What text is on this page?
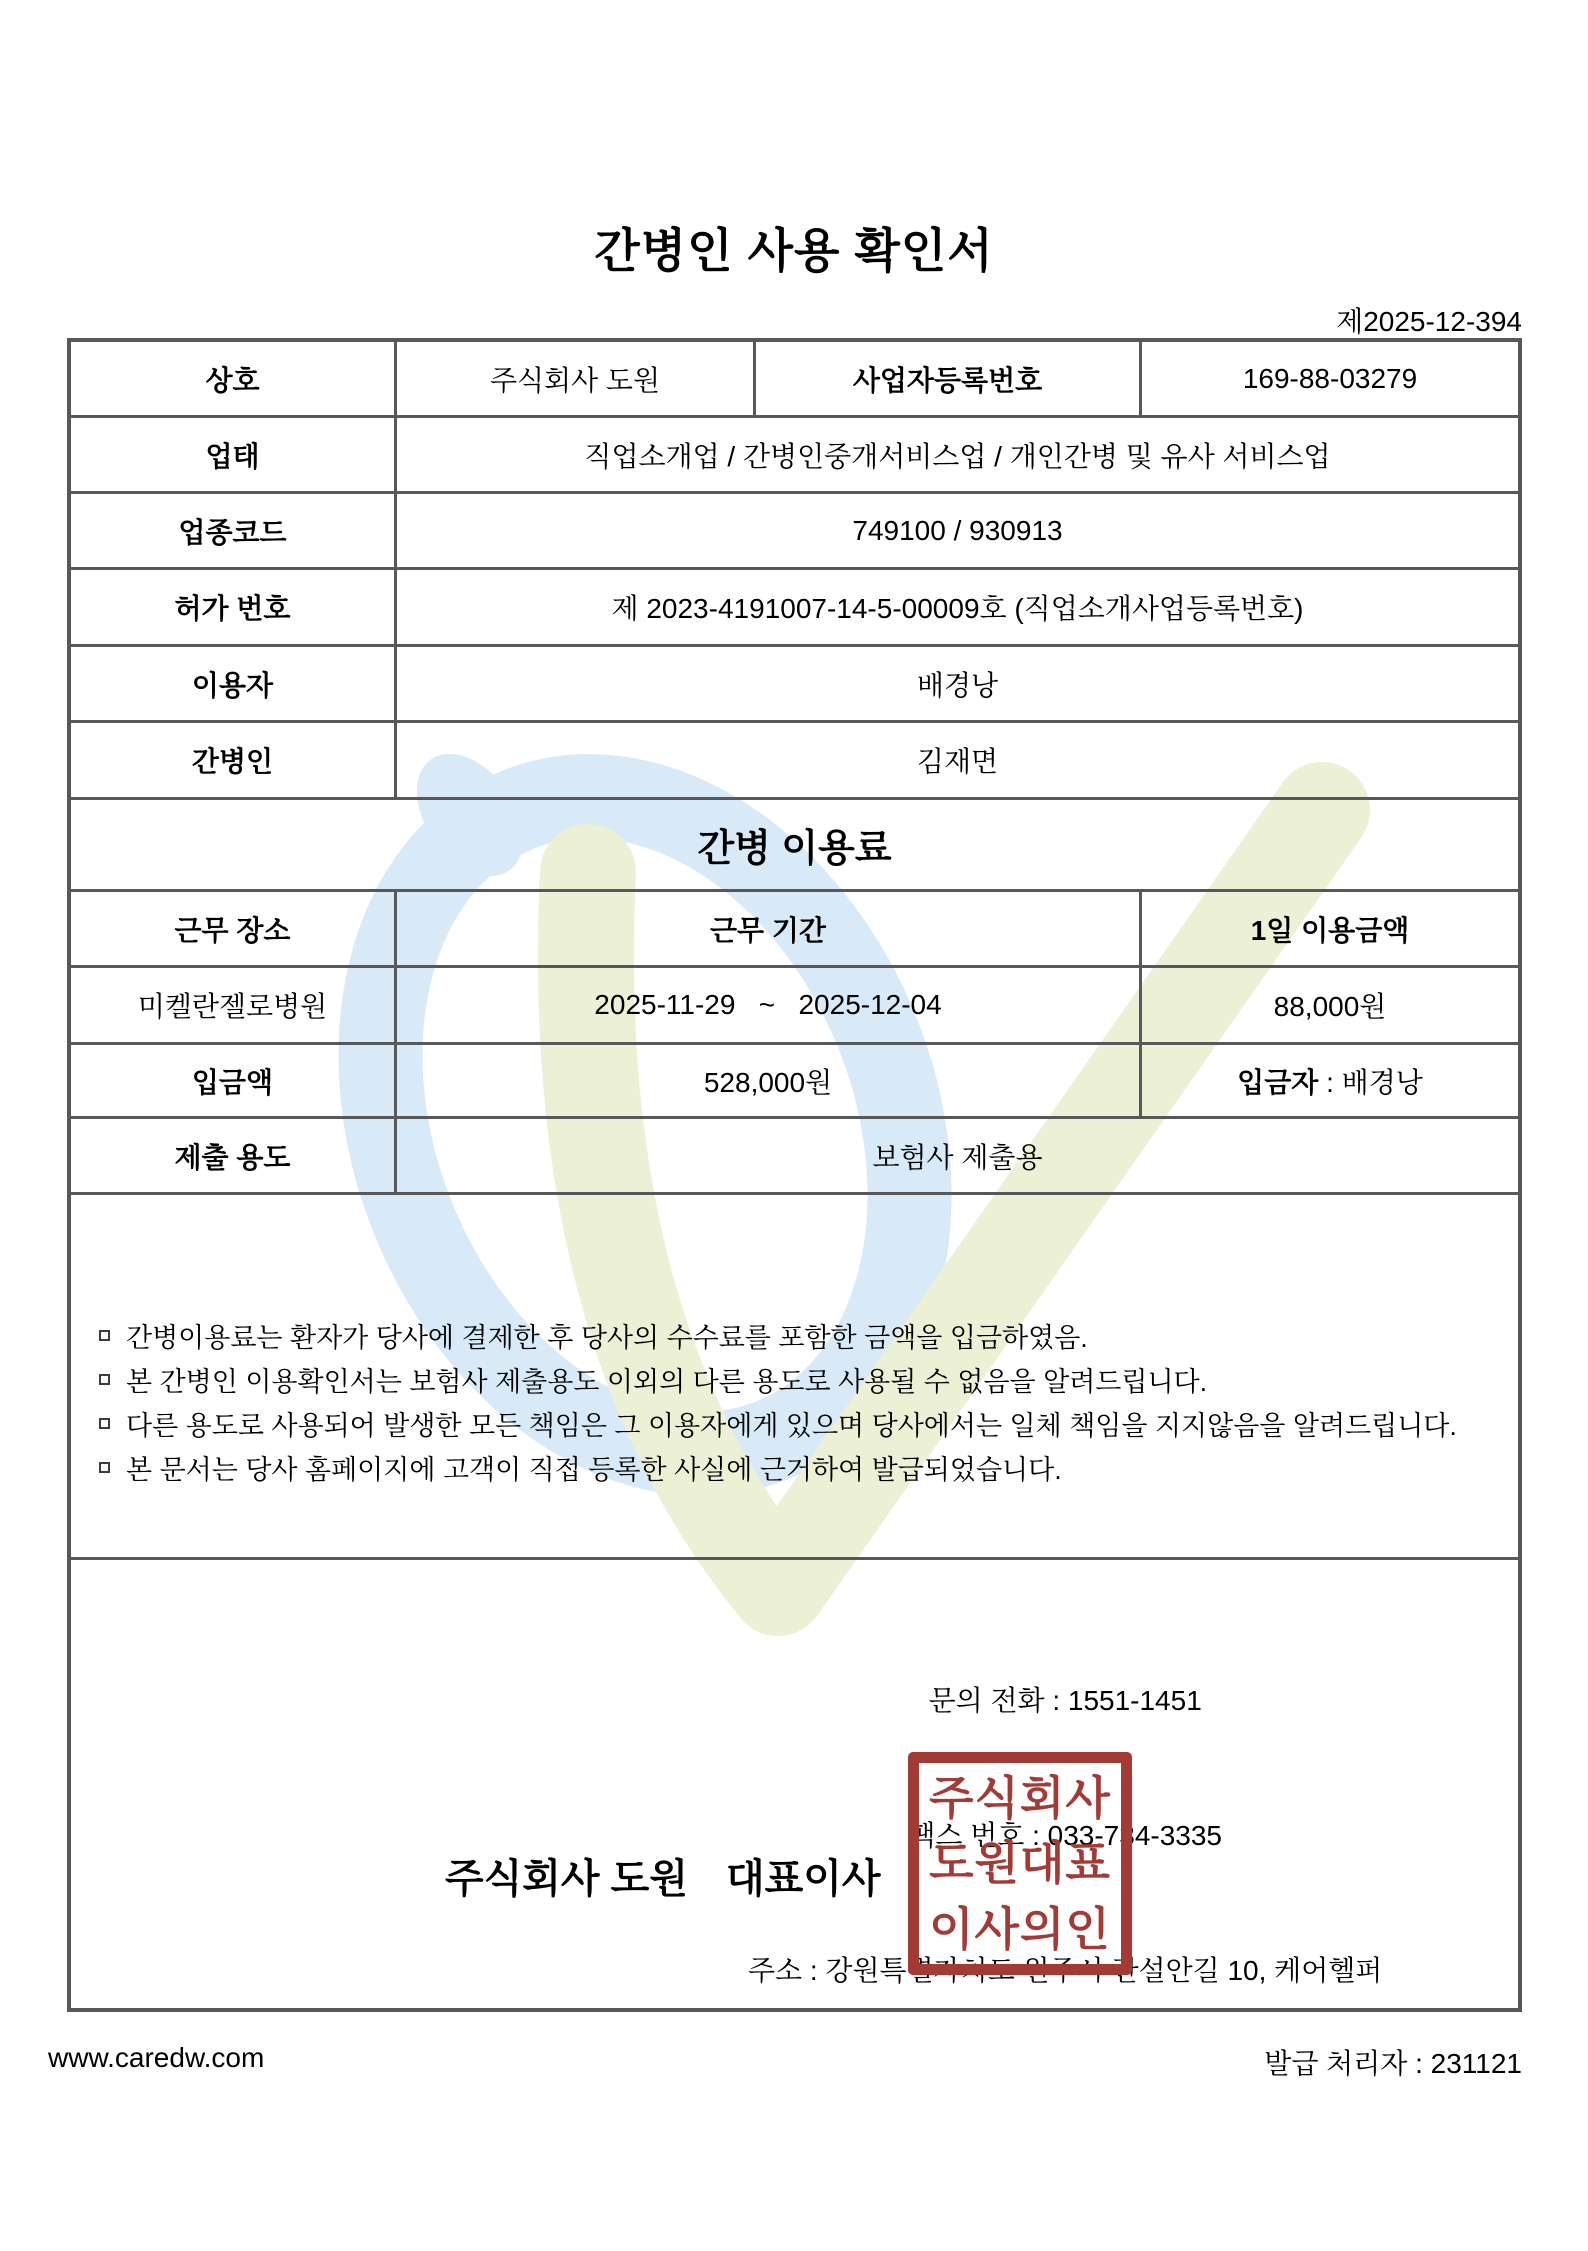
간병인 사용 확인서
제2025-12-394
상호	주식회사 도원	사업자등록번호	169-88-03279
업태	직업소개업 / 간병인중개서비스업 / 개인간병 및 유사 서비스업
업종코드	749100 / 930913
허가 번호	제 2023-4191007-14-5-00009호 (직업소개사업등록번호)
이용자	배경낭
간병인	김재면
간병 이용료
근무 장소	근무 기간	1일 이용금액
미켈란젤로병원	2025-11-29   ~   2025-12-04	88,000원
입금액	528,000원	입금자 : 배경낭
제출 용도	보험사 제출용
간병이용료는 환자가 당사에 결제한 후 당사의 수수료를 포함한 금액을 입금하였음.
본 간병인 이용확인서는 보험사 제출용도 이외의 다른 용도로 사용될 수 없음을 알려드립니다.
다른 용도로 사용되어 발생한 모든 책임은 그 이용자에게 있으며 당사에서는 일체 책임을 지지않음을 알려드립니다.
본 문서는 당사 홈페이지에 고객이 직접 등록한 사실에 근거하여 발급되었습니다.

문의 전화 : 1551-1451

팩스 번호 : 033-734-3335

주소 : 강원특별자치도 원주시 관설안길 10, 케어헬퍼

주식회사 도원 대표이사
주식회사
도원대표
이사의인
www.caredw.com	발급 처리자 : 231121
